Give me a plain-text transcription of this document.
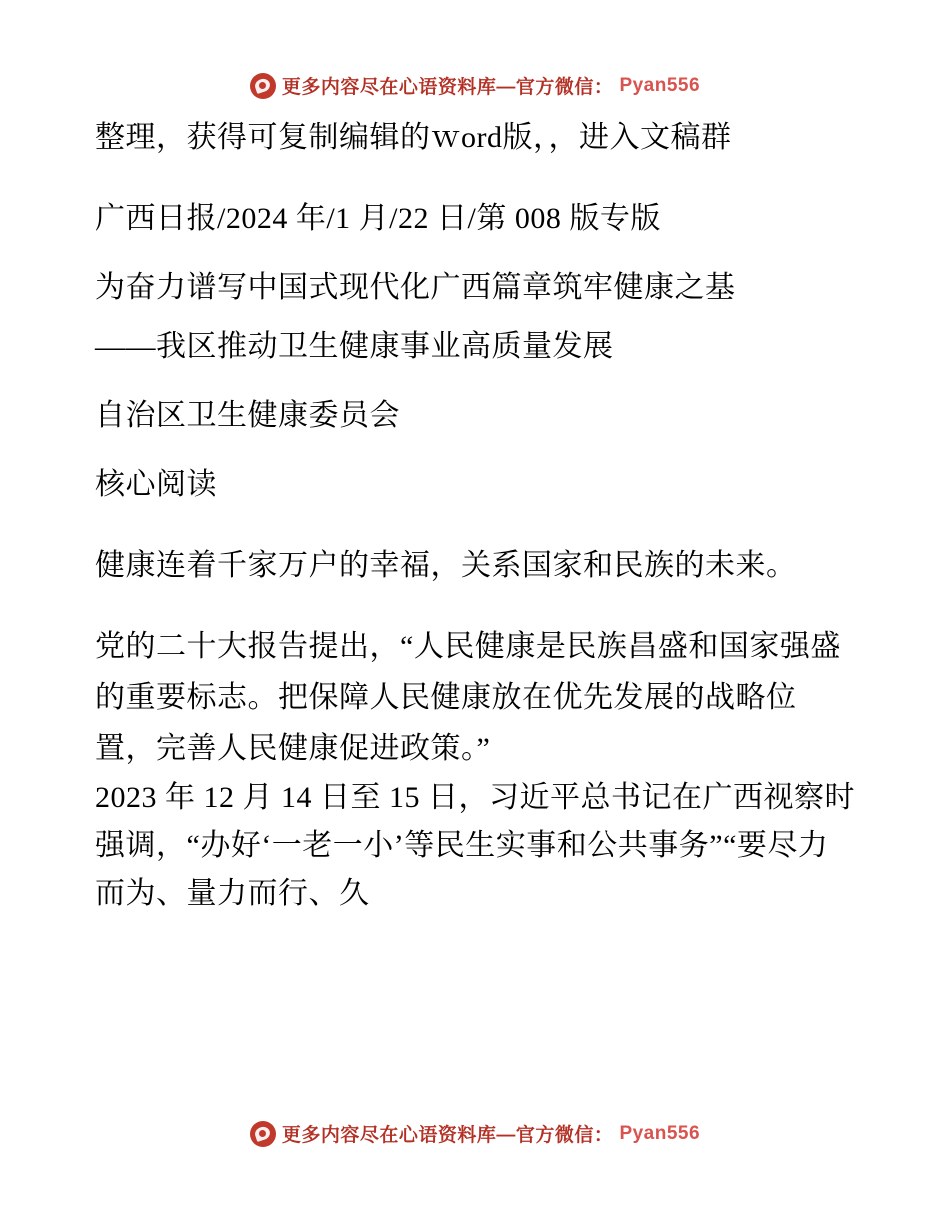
更多内容尽在心语资料库—官方微信： Pyan556

整理，获得可复制编辑的ｗord版，，进入文稿群

广西日报/2024 年/1 月/22 日/第 008 版专版

为奋力谱写中国式现代化广西篇章筑牢健康之基

——我区推动卫生健康事业高质量发展

自治区卫生健康委员会

核心阅读

健康连着千家万户的幸福，关系国家和民族的未来。

党的二十大报告提出，“人民健康是民族昌盛和国家强盛的重要标志。把保障人民健康放在优先发展的战略位置，完善人民健康促进政策。”

2023 年 12 月 14 日至 15 日，习近平总书记在广西视察时强调，“办好‘一老一小’等民生实事和公共事务”“要尽力而为、量力而行、久

更多内容尽在心语资料库—官方微信： Pyan556
